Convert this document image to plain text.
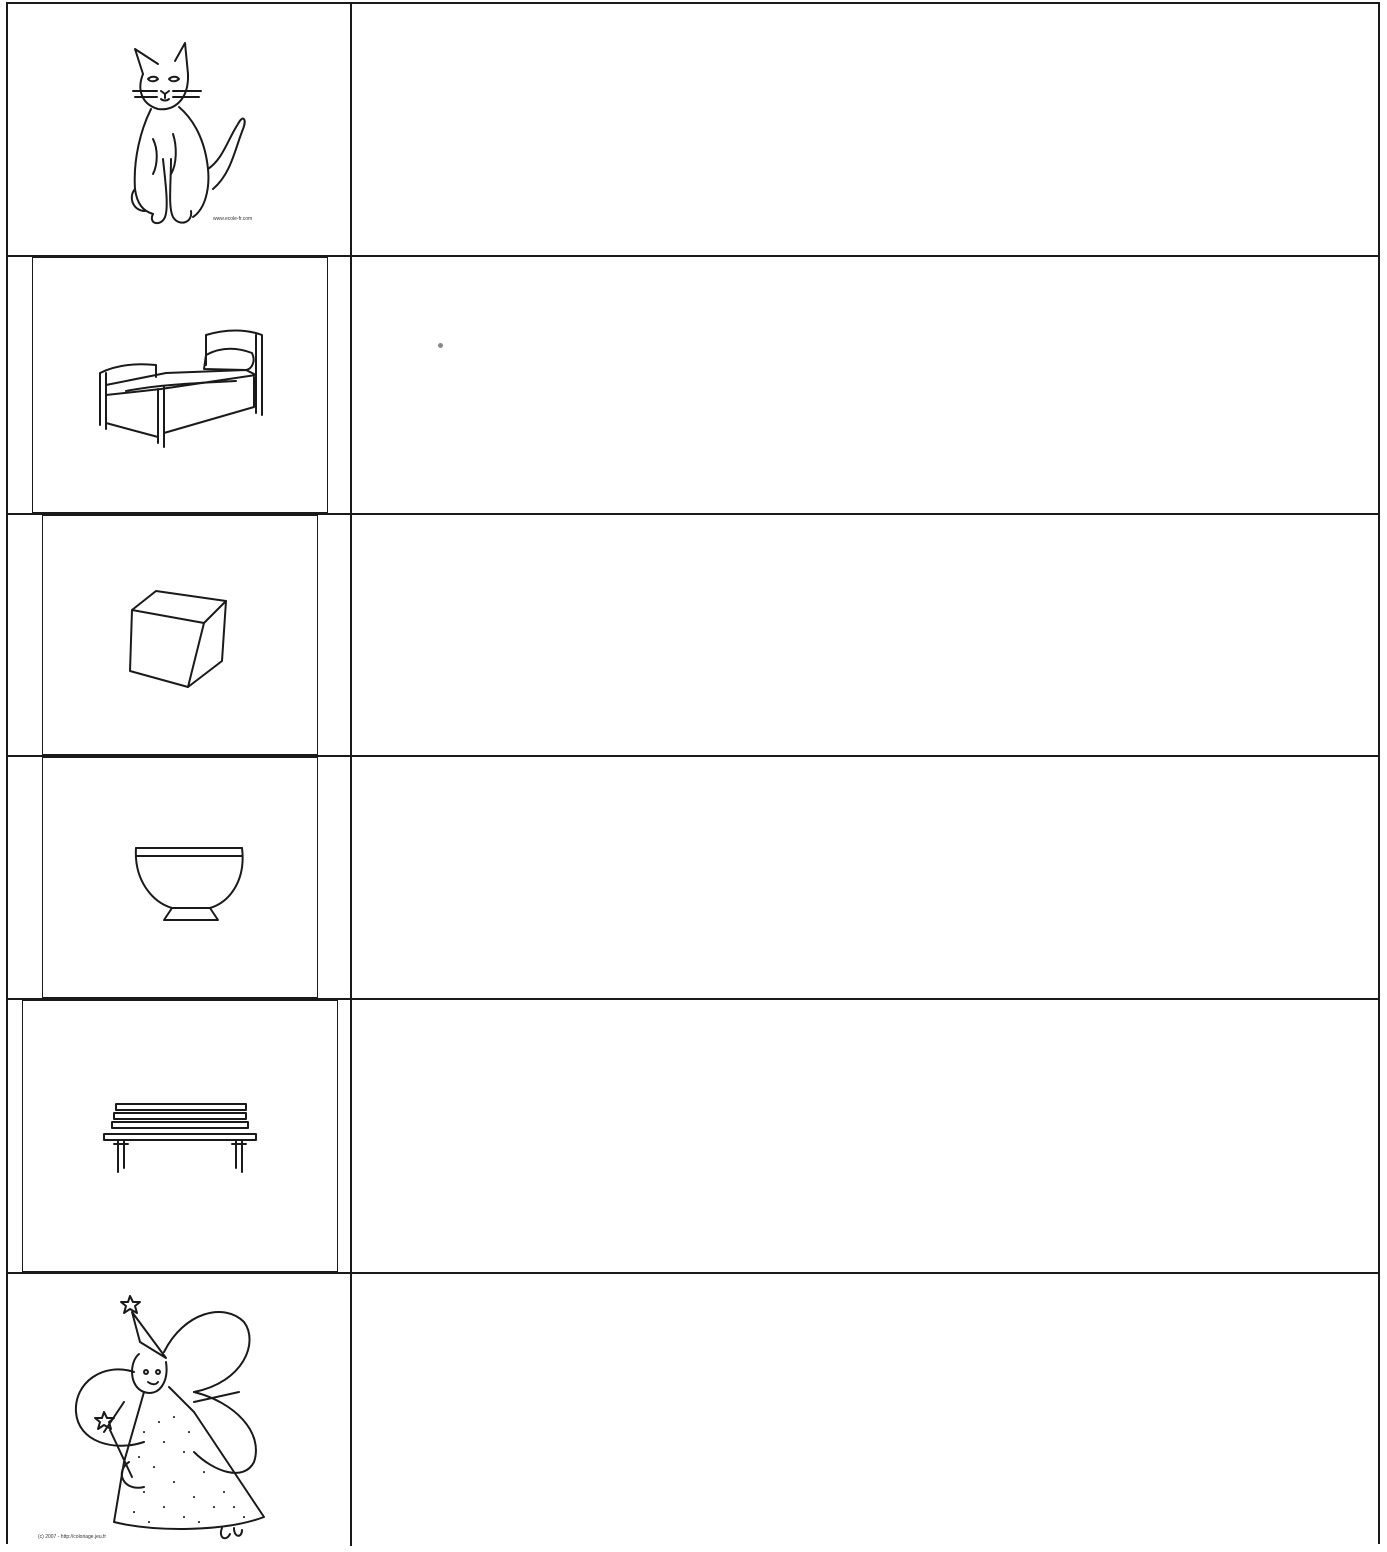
www.ecole-fr.com
(c) 2007 - http://coloriage.jeu.fr
